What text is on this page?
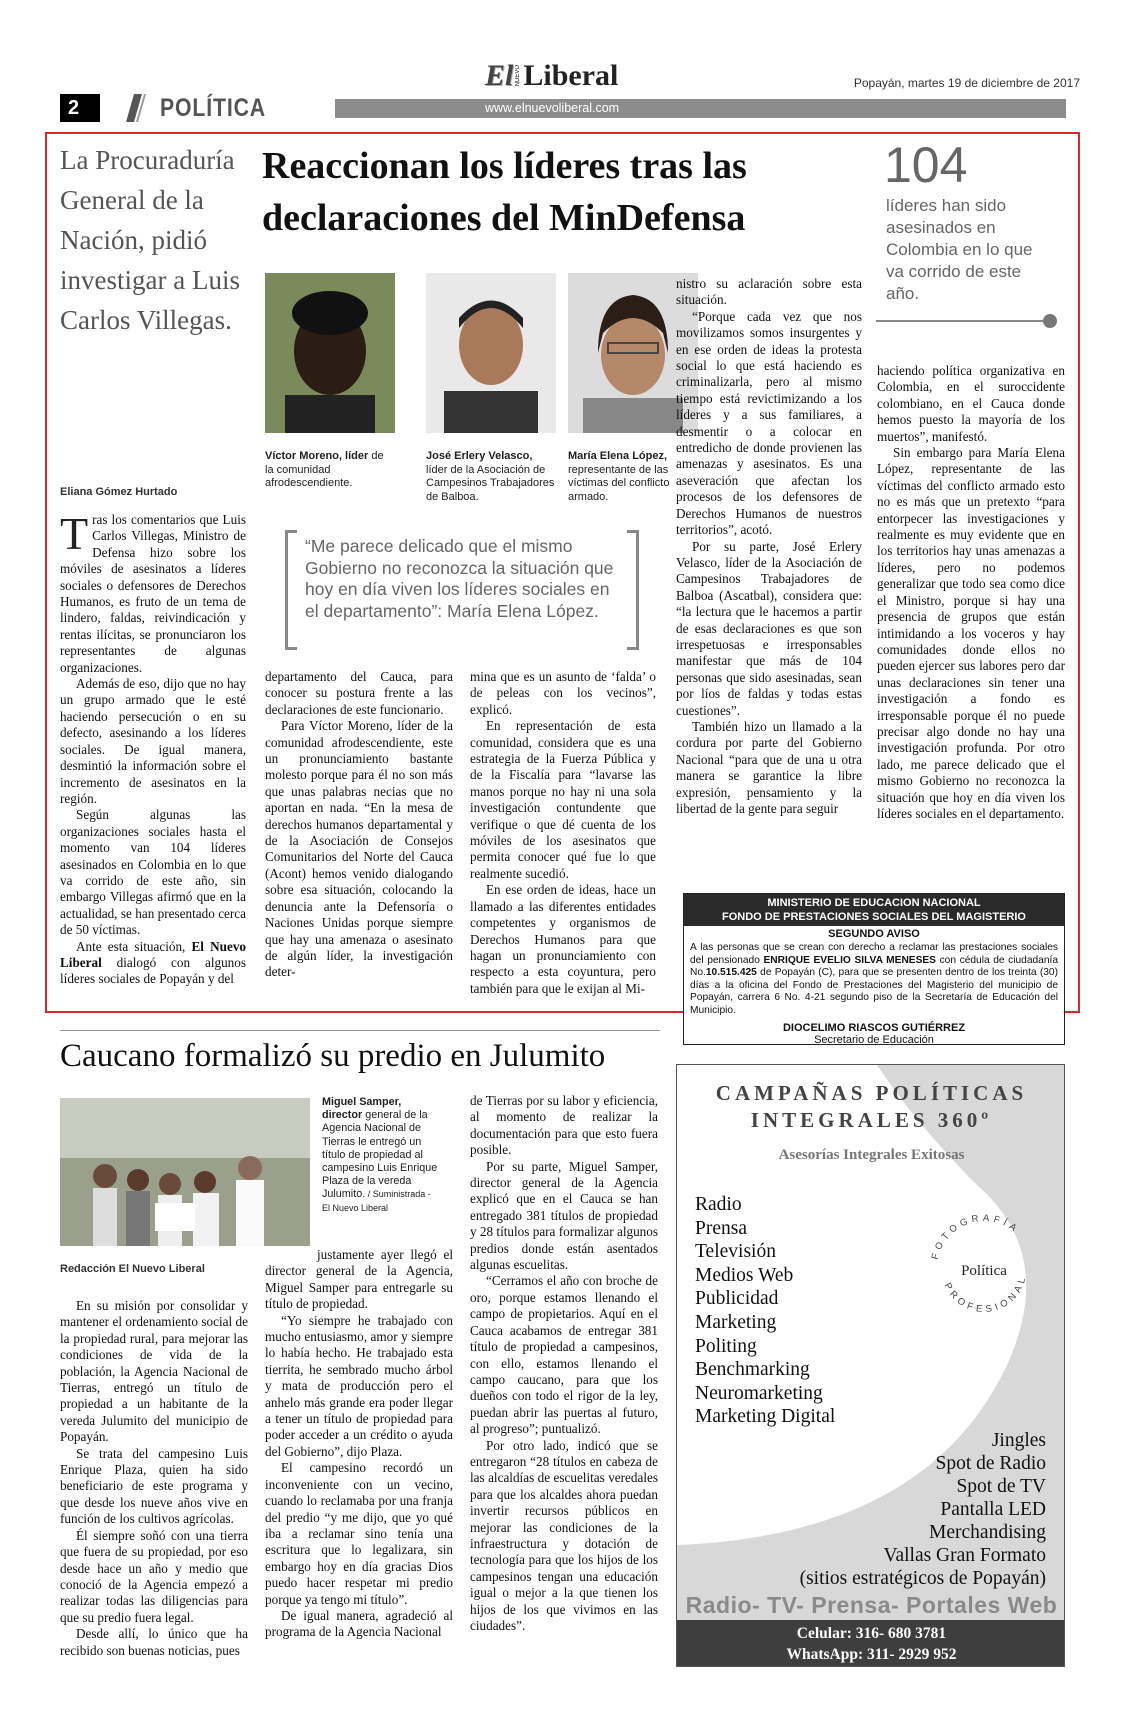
El NUEVO Liberal	Popayán, martes 19 de diciembre de 2017
2	POLÍTICA	www.elnuevoliberal.com
La Procuraduría General de la Nación, pidió investigar a Luis Carlos Villegas.
Eliana Gómez Hurtado
Reaccionan los líderes tras las declaraciones del MinDefensa
104
líderes han sido asesinados en Colombia en lo que va corrido de este año.
Víctor Moreno, líder de la comunidad afrodescendiente.
José Erlery Velasco, líder de la Asociación de Campesinos Trabajadores de Balboa.
María Elena López, representante de las víctimas del conflicto armado.
“Me parece delicado que el mismo Gobierno no reconozca la situación que hoy en día viven los líderes sociales en el departamento”: María Elena López.
T ras los comentarios que Luis Carlos Villegas, Ministro de Defensa hizo sobre los móviles de asesinatos a líderes sociales o defensores de Derechos Humanos, es fruto de un tema de lindero, faldas, reivindicación y rentas ilícitas, se pronunciaron los representantes de algunas organizaciones.

Además de eso, dijo que no hay un grupo armado que le esté haciendo persecución o en su defecto, asesinando a los líderes sociales. De igual manera, desmintió la información sobre el incremento de asesinatos en la región.

Según algunas las organizaciones sociales hasta el momento van 104 líderes asesinados en Colombia en lo que va corrido de este año, sin embargo Villegas afirmó que en la actualidad, se han presentado cerca de 50 víctimas.

Ante esta situación, El Nuevo Liberal dialogó con algunos líderes sociales de Popayán y del

departamento del Cauca, para conocer su postura frente a las declaraciones de este funcionario.

Para Víctor Moreno, líder de la comunidad afrodescendiente, este un pronunciamiento bastante molesto porque para él no son más que unas palabras necias que no aportan en nada. “En la mesa de derechos humanos departamental y de la Asociación de Consejos Comunitarios del Norte del Cauca (Acont) hemos venido dialogando sobre esa situación, colocando la denuncia ante la Defensoría o Naciones Unidas porque siempre que hay una amenaza o asesinato de algún líder, la investigación deter-

mina que es un asunto de ‘falda’ o de peleas con los vecinos”, explicó.

En representación de esta comunidad, considera que es una estrategia de la Fuerza Pública y de la Fiscalía para “lavarse las manos porque no hay ni una sola investigación contundente que verifique o que dé cuenta de los móviles de los asesinatos que permita conocer qué fue lo que realmente sucedió.

En ese orden de ideas, hace un llamado a las diferentes entidades competentes y organismos de Derechos Humanos para que hagan un pronunciamiento con respecto a esta coyuntura, pero también para que le exijan al Mi-

nistro su aclaración sobre esta situación.

“Porque cada vez que nos movilizamos somos insurgentes y en ese orden de ideas la protesta social lo que está haciendo es criminalizarla, pero al mismo tiempo está revictimizando a los líderes y a sus familiares, a desmentir o a colocar en entredicho de donde provienen las amenazas y asesinatos. Es una aseveración que afectan los procesos de los defensores de Derechos Humanos de nuestros territorios”, acotó.

Por su parte, José Erlery Velasco, líder de la Asociación de Campesinos Trabajadores de Balboa (Ascatbal), considera que: “la lectura que le hacemos a partir de esas declaraciones es que son irrespetuosas e irresponsables manifestar que más de 104 personas que sido asesinadas, sean por líos de faldas y todas estas cuestiones”.

También hizo un llamado a la cordura por parte del Gobierno Nacional “para que de una u otra manera se garantice la libre expresión, pensamiento y la libertad de la gente para seguir

haciendo política organizativa en Colombia, en el suroccidente colombiano, en el Cauca donde hemos puesto la mayoría de los muertos”, manifestó.

Sin embargo para María Elena López, representante de las víctimas del conflicto armado esto no es más que un pretexto “para entorpecer las investigaciones y realmente es muy evidente que en los territorios hay unas amenazas a líderes, pero no podemos generalizar que todo sea como dice el Ministro, porque si hay una presencia de grupos que están intimidando a los voceros y hay comunidades donde ellos no pueden ejercer sus labores pero dar unas declaraciones sin tener una investigación a fondo es irresponsable porque él no puede precisar algo donde no hay una investigación profunda. Por otro lado, me parece delicado que el mismo Gobierno no reconozca la situación que hoy en día viven los líderes sociales en el departamento.

MINISTERIO DE EDUCACION NACIONAL
FONDO DE PRESTACIONES SOCIALES DEL MAGISTERIO
SEGUNDO AVISO
A las personas que se crean con derecho a reclamar las prestaciones sociales del pensionado ENRIQUE EVELIO SILVA MENESES con cédula de ciudadanía No.10.515.425 de Popayán (C), para que se presenten dentro de los treinta (30) días a la oficina del Fondo de Prestaciones del Magisterio del municipio de Popayán, carrera 6 No. 4-21 segundo piso de la Secretaría de Educación del Municipio.
DIOCELIMO RIASCOS GUTIÉRREZ
Secretario de Educación
Caucano formalizó su predio en Julumito
Miguel Samper, director general de la Agencia Nacional de Tierras le entregó un título de propiedad al campesino Luis Enrique Plaza de la vereda Julumito. / Suministrada - El Nuevo Liberal
Redacción El Nuevo Liberal

En su misión por consolidar y mantener el ordenamiento social de la propiedad rural, para mejorar las condiciones de vida de la población, la Agencia Nacional de Tierras, entregó un título de propiedad a un habitante de la vereda Julumito del municipio de Popayán.

Se trata del campesino Luis Enrique Plaza, quien ha sido beneficiario de este programa y que desde los nueve años vive en función de los cultivos agrícolas.

Él siempre soñó con una tierra que fuera de su propiedad, por eso desde hace un año y medio que conoció de la Agencia empezó a realizar todas las diligencias para que su predio fuera legal.

Desde allí, lo único que ha recibido son buenas noticias, pues

justamente ayer llegó el director general de la Agencia, Miguel Samper para entregarle su título de propiedad.

“Yo siempre he trabajado con mucho entusiasmo, amor y siempre lo había hecho. He trabajado esta tierrita, he sembrado mucho árbol y mata de producción pero el anhelo más grande era poder llegar a tener un título de propiedad para poder acceder a un crédito o ayuda del Gobierno”, dijo Plaza.

El campesino recordó un inconveniente con un vecino, cuando lo reclamaba por una franja del predio “y me dijo, que yo qué iba a reclamar sino tenía una escritura que lo legalizara, sin embargo hoy en día gracias Dios puedo hacer respetar mi predio porque ya tengo mi título”.

De igual manera, agradeció al programa de la Agencia Nacional

de Tierras por su labor y eficiencia, al momento de realizar la documentación para que esto fuera posible.

Por su parte, Miguel Samper, director general de la Agencia explicó que en el Cauca se han entregado 381 títulos de propiedad y 28 títulos para formalizar algunos predios donde están asentados algunas escuelitas.

“Cerramos el año con broche de oro, porque estamos llenando el campo de propietarios. Aquí en el Cauca acabamos de entregar 381 título de propiedad a campesinos, con ello, estamos llenando el campo caucano, para que los dueños con todo el rigor de la ley, puedan abrir las puertas al futuro, al progreso”; puntualizó.

Por otro lado, indicó que se entregaron “28 títulos en cabeza de las alcaldías de escuelitas veredales para que los alcaldes ahora puedan invertir recursos públicos en mejorar las condiciones de la infraestructura y dotación de tecnología para que los hijos de los campesinos tengan una educación igual o mejor a la que tienen los hijos de los que vivimos en las ciudades”.

CAMPAÑAS POLÍTICAS
INTEGRALES 360º
Asesorías Integrales Exitosas
Radio
Prensa
Televisión
Medios Web
Publicidad
Marketing
Politing
Benchmarking
Neuromarketing
Marketing Digital
FOTOGRAFÍA
PROFESIONAL
Política
Jingles
Spot de Radio
Spot de TV
Pantalla LED
Merchandising
Vallas Gran Formato
(sitios estratégicos de Popayán)
Radio- TV- Prensa- Portales Web
Celular: 316- 680 3781
WhatsApp: 311- 2929 952
